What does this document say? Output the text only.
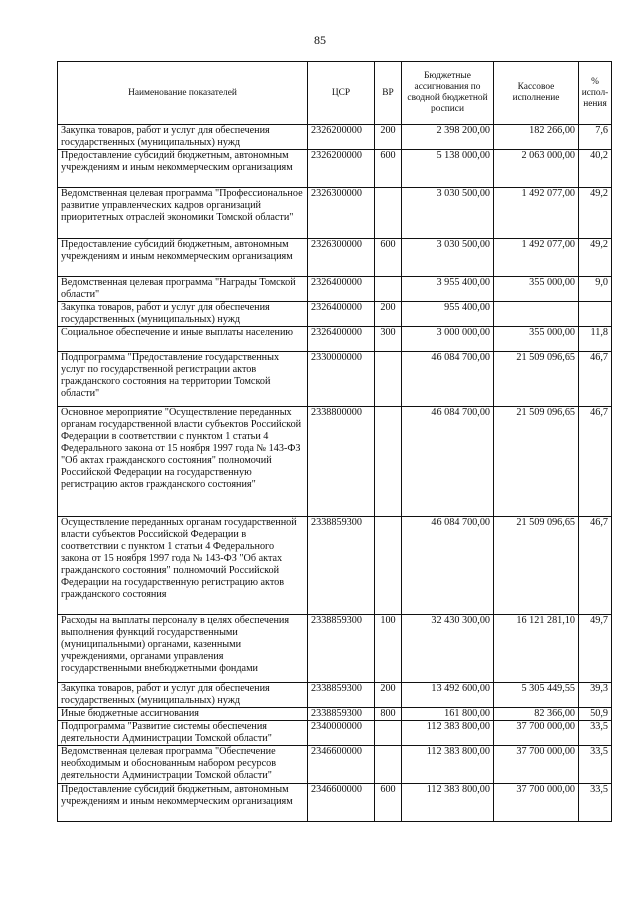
85
Наименование показателей	ЦСР	ВР	Бюджетные ассигнования по сводной бюджетной росписи	Кассовое исполнение	% испол-нения
Закупка товаров, работ и услуг для обеспечения государственных (муниципальных) нужд	2326200000	200	2 398 200,00	182 266,00	7,6
Предоставление субсидий бюджетным, автономным учреждениям и иным некоммерческим организациям	2326200000	600	5 138 000,00	2 063 000,00	40,2
Ведомственная целевая программа "Профессиональное развитие управленческих кадров организаций приоритетных отраслей экономики Томской области"	2326300000		3 030 500,00	1 492 077,00	49,2
Предоставление субсидий бюджетным, автономным учреждениям и иным некоммерческим организациям	2326300000	600	3 030 500,00	1 492 077,00	49,2
Ведомственная целевая программа "Награды Томской области"	2326400000		3 955 400,00	355 000,00	9,0
Закупка товаров, работ и услуг для обеспечения государственных (муниципальных) нужд	2326400000	200	955 400,00		
Социальное обеспечение и иные выплаты населению	2326400000	300	3 000 000,00	355 000,00	11,8
Подпрограмма "Предоставление государственных услуг по государственной регистрации актов гражданского состояния на территории Томской области"	2330000000		46 084 700,00	21 509 096,65	46,7
Основное мероприятие "Осуществление переданных органам государственной власти субъектов Российской Федерации в соответствии с пунктом 1 статьи 4 Федерального закона от 15 ноября 1997 года № 143-ФЗ "Об актах гражданского состояния" полномочий Российской Федерации на государственную регистрацию актов гражданского состояния"	2338800000		46 084 700,00	21 509 096,65	46,7
Осуществление переданных органам государственной власти субъектов Российской Федерации в соответствии с пунктом 1 статьи 4 Федерального закона от 15 ноября 1997 года № 143-ФЗ "Об актах гражданского состояния" полномочий Российской Федерации на государственную регистрацию актов гражданского состояния	2338859300		46 084 700,00	21 509 096,65	46,7
Расходы на выплаты персоналу в целях обеспечения выполнения функций государственными (муниципальными) органами, казенными учреждениями, органами управления государственными внебюджетными фондами	2338859300	100	32 430 300,00	16 121 281,10	49,7
Закупка товаров, работ и услуг для обеспечения государственных (муниципальных) нужд	2338859300	200	13 492 600,00	5 305 449,55	39,3
Иные бюджетные ассигнования	2338859300	800	161 800,00	82 366,00	50,9
Подпрограмма "Развитие системы обеспечения деятельности Администрации Томской области"	2340000000		112 383 800,00	37 700 000,00	33,5
Ведомственная целевая программа "Обеспечение необходимым и обоснованным набором ресурсов деятельности Администрации Томской области"	2346600000		112 383 800,00	37 700 000,00	33,5
Предоставление субсидий бюджетным, автономным учреждениям и иным некоммерческим организациям	2346600000	600	112 383 800,00	37 700 000,00	33,5
